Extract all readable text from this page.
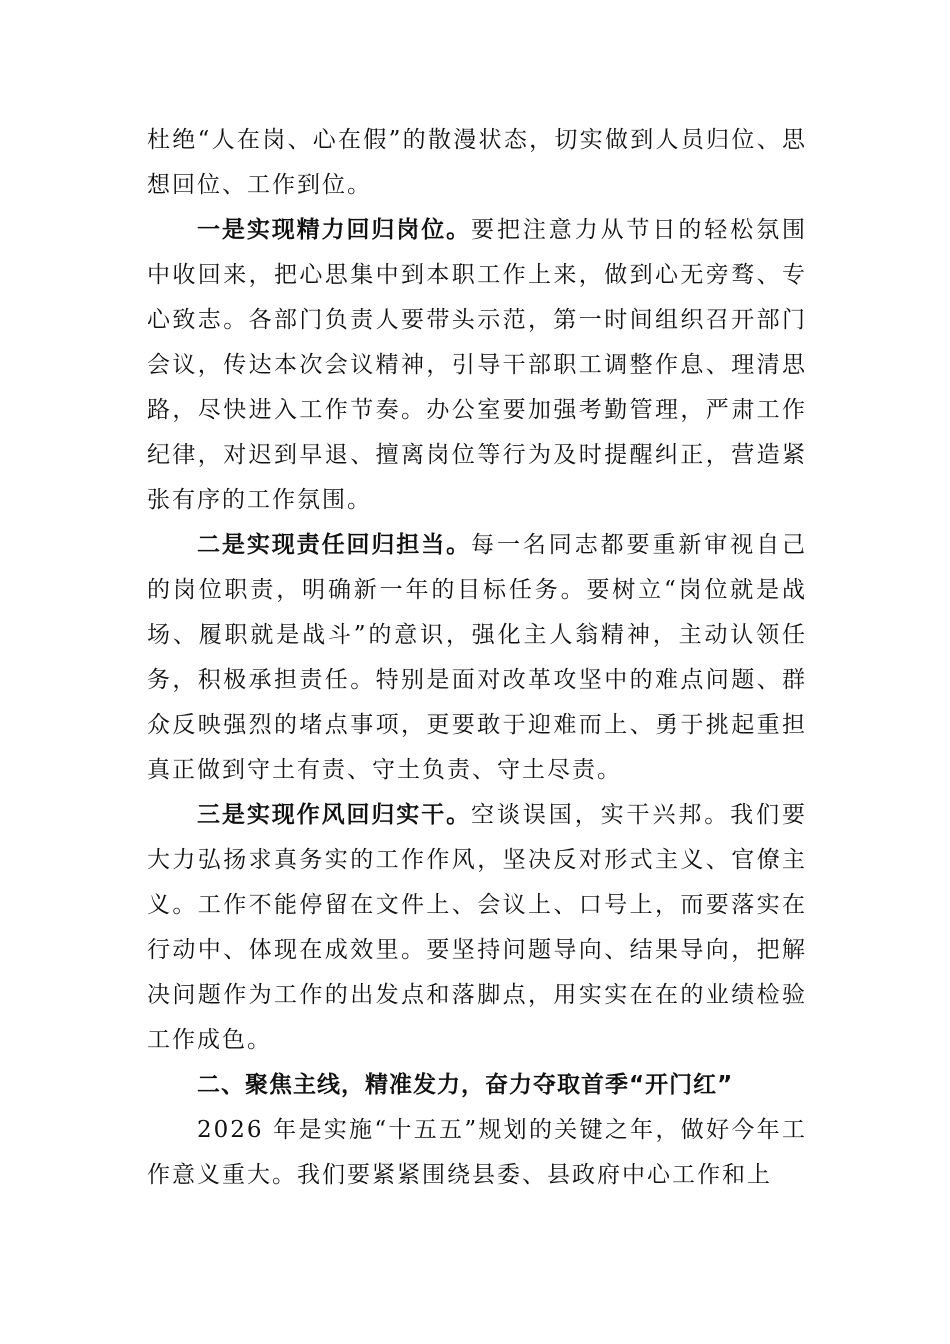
杜绝“人在岗、心在假”的散漫状态，切实做到人员归位、思想回位、工作到位。

一是实现精力回归岗位。要把注意力从节日的轻松氛围中收回来，把心思集中到本职工作上来，做到心无旁骛、专心致志。各部门负责人要带头示范，第一时间组织召开部门会议，传达本次会议精神，引导干部职工调整作息、理清思路，尽快进入工作节奏。办公室要加强考勤管理，严肃工作纪律，对迟到早退、擅离岗位等行为及时提醒纠正，营造紧张有序的工作氛围。

二是实现责任回归担当。每一名同志都要重新审视自己的岗位职责，明确新一年的目标任务。要树立“岗位就是战场、履职就是战斗”的意识，强化主人翁精神，主动认领任务，积极承担责任。特别是面对改革攻坚中的难点问题、群众反映强烈的堵点事项，更要敢于迎难而上、勇于挑起重担真正做到守土有责、守土负责、守土尽责。

三是实现作风回归实干。空谈误国，实干兴邦。我们要大力弘扬求真务实的工作作风，坚决反对形式主义、官僚主义。工作不能停留在文件上、会议上、口号上，而要落实在行动中、体现在成效里。要坚持问题导向、结果导向，把解决问题作为工作的出发点和落脚点，用实实在在的业绩检验工作成色。

二、聚焦主线，精准发力，奋力夺取首季“开门红”

2026 年是实施“十五五”规划的关键之年，做好今年工作意义重大。我们要紧紧围绕县委、县政府中心工作和上
